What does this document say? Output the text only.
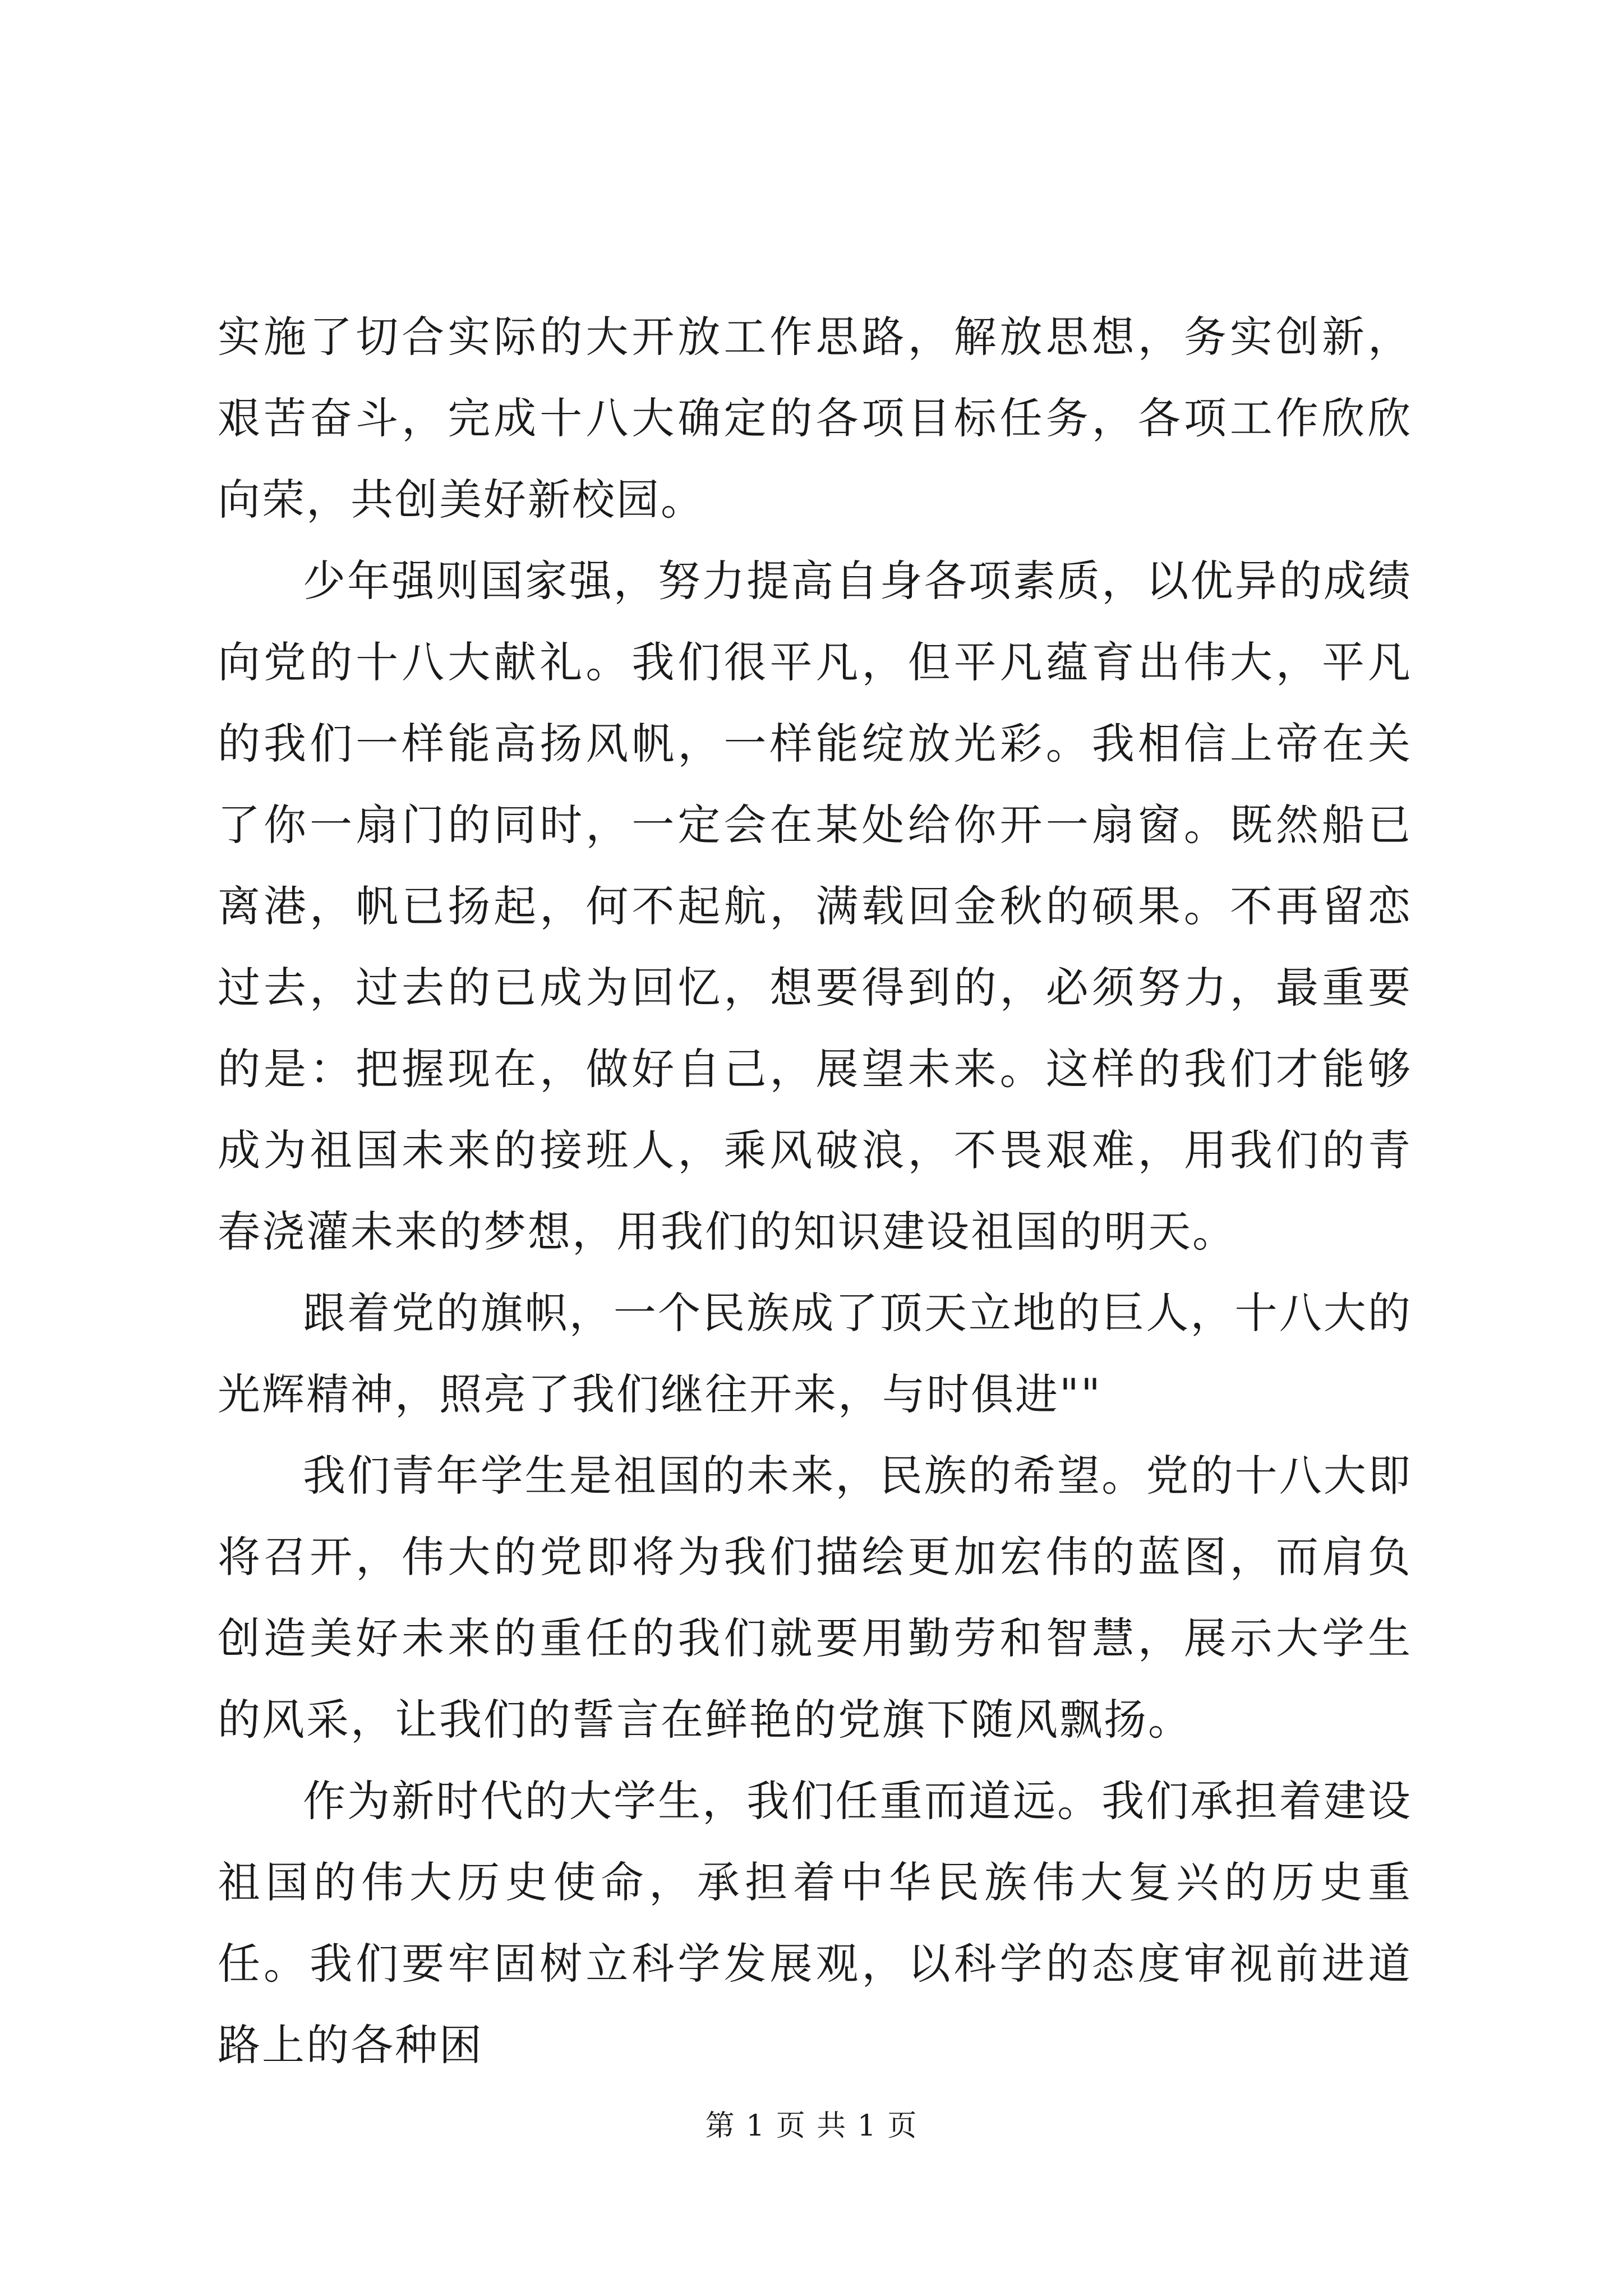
实施了切合实际的大开放工作思路，解放思想，务实创新，艰苦奋斗，完成十八大确定的各项目标任务，各项工作欣欣向荣，共创美好新校园。

少年强则国家强，努力提高自身各项素质，以优异的成绩向党的十八大献礼。我们很平凡，但平凡蕴育出伟大，平凡的我们一样能高扬风帆，一样能绽放光彩。我相信上帝在关了你一扇门的同时，一定会在某处给你开一扇窗。既然船已离港，帆已扬起，何不起航，满载回金秋的硕果。不再留恋过去，过去的已成为回忆，想要得到的，必须努力，最重要的是：把握现在，做好自己，展望未来。这样的我们才能够成为祖国未来的接班人，乘风破浪，不畏艰难，用我们的青春浇灌未来的梦想，用我们的知识建设祖国的明天。

跟着党的旗帜，一个民族成了顶天立地的巨人，十八大的光辉精神，照亮了我们继往开来，与时俱进""

我们青年学生是祖国的未来，民族的希望。党的十八大即将召开，伟大的党即将为我们描绘更加宏伟的蓝图，而肩负创造美好未来的重任的我们就要用勤劳和智慧，展示大学生的风采，让我们的誓言在鲜艳的党旗下随风飘扬。

作为新时代的大学生，我们任重而道远。我们承担着建设祖国的伟大历史使命，承担着中华民族伟大复兴的历史重任。我们要牢固树立科学发展观，以科学的态度审视前进道路上的各种困

第 1 页 共 1 页
